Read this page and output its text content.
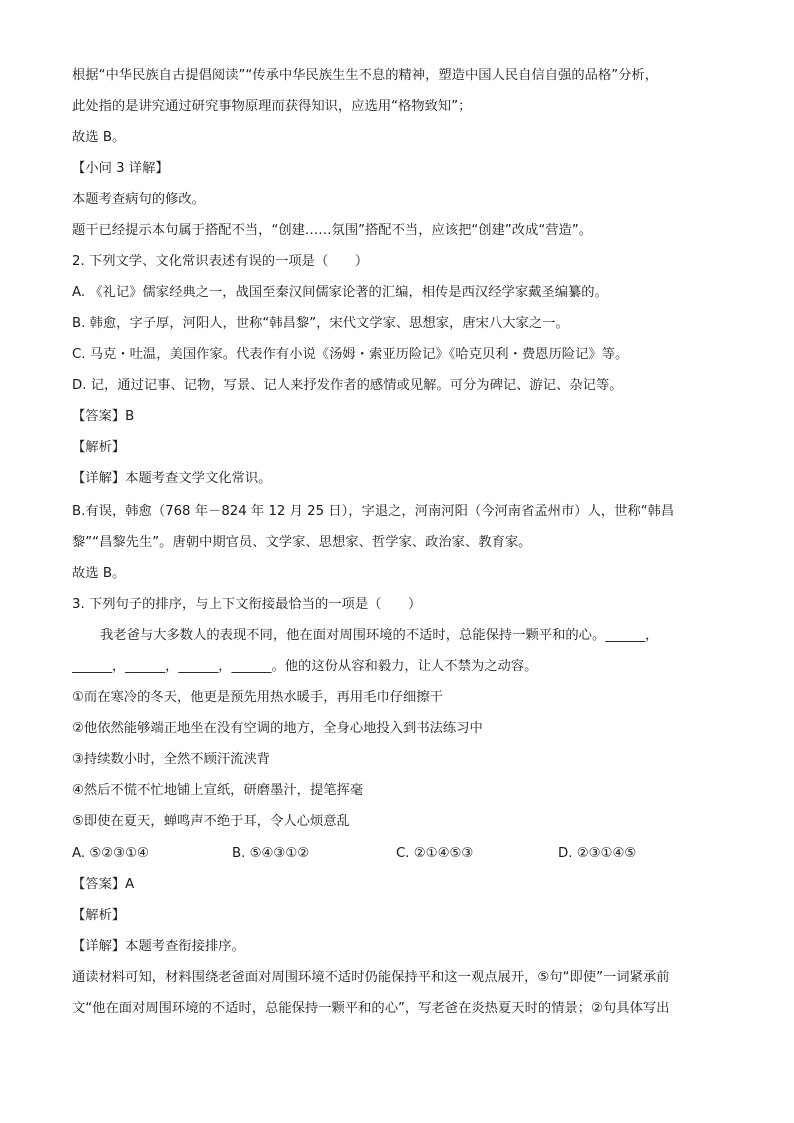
根据“中华民族自古提倡阅读”“传承中华民族生生不息的精神，塑造中国人民自信自强的品格”分析，
此处指的是讲究通过研究事物原理而获得知识，应选用“格物致知”；
故选 B。
【小问 3 详解】
本题考查病句的修改。
题干已经提示本句属于搭配不当，“创建……氛围”搭配不当，应该把“创建”改成“营造”。
2. 下列文学、文化常识表述有误的一项是（　　）
A. 《礼记》儒家经典之一，战国至秦汉间儒家论著的汇编，相传是西汉经学家戴圣编纂的。
B. 韩愈，字子厚，河阳人，世称“韩昌黎”，宋代文学家、思想家，唐宋八大家之一。
C. 马克・吐温，美国作家。代表作有小说《汤姆・索亚历险记》《哈克贝利・费恩历险记》等。
D. 记，通过记事、记物，写景、记人来抒发作者的感情或见解。可分为碑记、游记、杂记等。
【答案】B
【解析】
【详解】本题考查文学文化常识。
B.有误，韩愈（768 年－824 年 12 月 25 日），字退之，河南河阳（今河南省孟州市）人，世称“韩昌
黎”“昌黎先生”。唐朝中期官员、文学家、思想家、哲学家、政治家、教育家。
故选 B。
3. 下列句子的排序，与上下文衔接最恰当的一项是（　　）
我老爸与大多数人的表现不同，他在面对周围环境的不适时，总能保持一颗平和的心。______，
______，______，______，______。他的这份从容和毅力，让人不禁为之动容。
①而在寒冷的冬天，他更是预先用热水暖手，再用毛巾仔细擦干
②他依然能够端正地坐在没有空调的地方，全身心地投入到书法练习中
③持续数小时，全然不顾汗流浃背
④然后不慌不忙地铺上宣纸，研磨墨汁，提笔挥毫
⑤即使在夏天，蝉鸣声不绝于耳，令人心烦意乱
A. ⑤②③①④	B. ⑤④③①②	C. ②①④⑤③	D. ②③①④⑤
【答案】A
【解析】
【详解】本题考查衔接排序。
通读材料可知，材料围绕老爸面对周围环境不适时仍能保持平和这一观点展开，⑤句“即使”一词紧承前
文“他在面对周围环境的不适时，总能保持一颗平和的心”，写老爸在炎热夏天时的情景；②句具体写出
